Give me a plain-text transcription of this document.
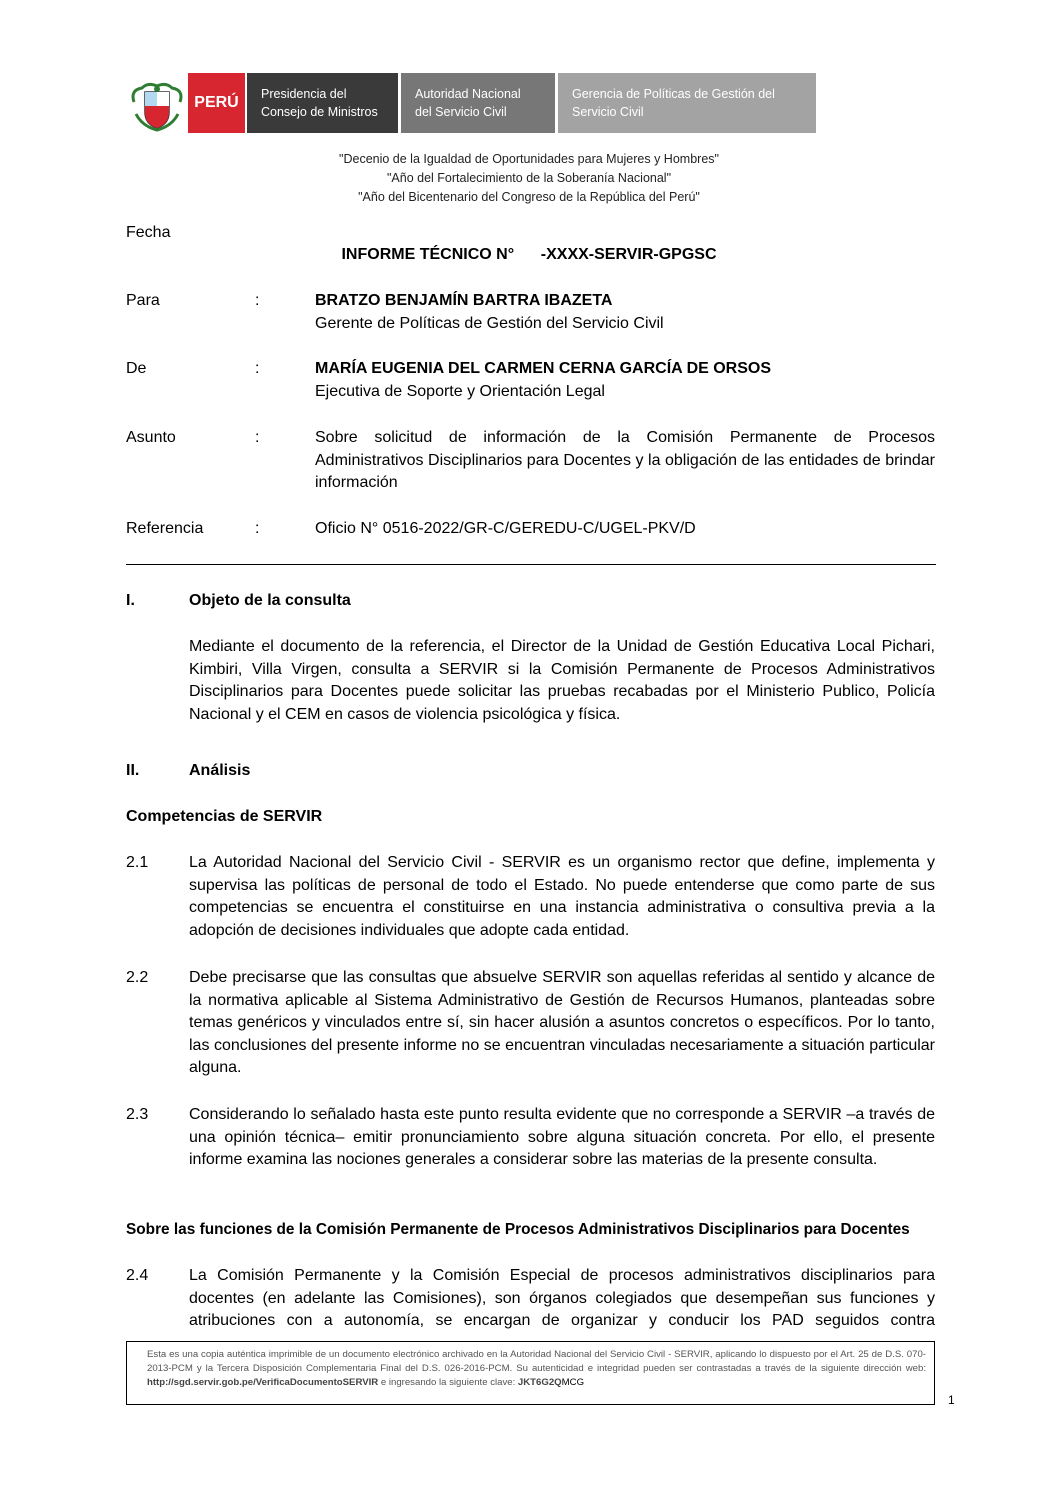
PERÚ Presidencia del
Consejo de Ministros
Autoridad Nacional
del Servicio Civil
Gerencia de Políticas de Gestión del
Servicio Civil
"Decenio de la Igualdad de Oportunidades para Mujeres y Hombres"
"Año del Fortalecimiento de la Soberanía Nacional"
"Año del Bicentenario del Congreso de la República del Perú"
Fecha
INFORME TÉCNICO N°      -XXXX-SERVIR-GPGSC
Para	:	BRATZO BENJAMÍN BARTRA IBAZETA
Gerente de Políticas de Gestión del Servicio Civil
De	:	MARÍA EUGENIA DEL CARMEN CERNA GARCÍA DE ORSOS
Ejecutiva de Soporte y Orientación Legal
Asunto	:	Sobre solicitud de información de la Comisión Permanente de Procesos Administrativos Disciplinarios para Docentes y la obligación de las entidades de brindar información
Referencia	:	Oficio N° 0516-2022/GR-C/GEREDU-C/UGEL-PKV/D
I.	Objeto de la consulta
Mediante el documento de la referencia, el Director de la Unidad de Gestión Educativa Local Pichari, Kimbiri, Villa Virgen, consulta a SERVIR si la Comisión Permanente de Procesos Administrativos Disciplinarios para Docentes puede solicitar las pruebas recabadas por el Ministerio Publico, Policía Nacional y el CEM en casos de violencia psicológica y física.
II.	Análisis
Competencias de SERVIR
2.1	La Autoridad Nacional del Servicio Civil - SERVIR es un organismo rector que define, implementa y supervisa las políticas de personal de todo el Estado. No puede entenderse que como parte de sus competencias se encuentra el constituirse en una instancia administrativa o consultiva previa a la adopción de decisiones individuales que adopte cada entidad.
2.2	Debe precisarse que las consultas que absuelve SERVIR son aquellas referidas al sentido y alcance de la normativa aplicable al Sistema Administrativo de Gestión de Recursos Humanos, planteadas sobre temas genéricos y vinculados entre sí, sin hacer alusión a asuntos concretos o específicos. Por lo tanto, las conclusiones del presente informe no se encuentran vinculadas necesariamente a situación particular alguna.
2.3	Considerando lo señalado hasta este punto resulta evidente que no corresponde a SERVIR –a través de una opinión técnica– emitir pronunciamiento sobre alguna situación concreta. Por ello, el presente informe examina las nociones generales a considerar sobre las materias de la presente consulta.
Sobre las funciones de la Comisión Permanente de Procesos Administrativos Disciplinarios para Docentes
2.4	La Comisión Permanente y la Comisión Especial de procesos administrativos disciplinarios para docentes (en adelante las Comisiones), son órganos colegiados que desempeñan sus funciones y atribuciones con a autonomía, se encargan de organizar y conducir los PAD seguidos contra
Esta es una copia auténtica imprimible de un documento electrónico archivado en la Autoridad Nacional del Servicio Civil - SERVIR, aplicando lo dispuesto por el Art. 25 de D.S. 070-2013-PCM y la Tercera Disposición Complementaria Final del D.S. 026-2016-PCM. Su autenticidad e integridad pueden ser contrastadas a través de la siguiente dirección web: http://sgd.servir.gob.pe/VerificaDocumentoSERVIR e ingresando la siguiente clave: JKT6G2QMCG
1
